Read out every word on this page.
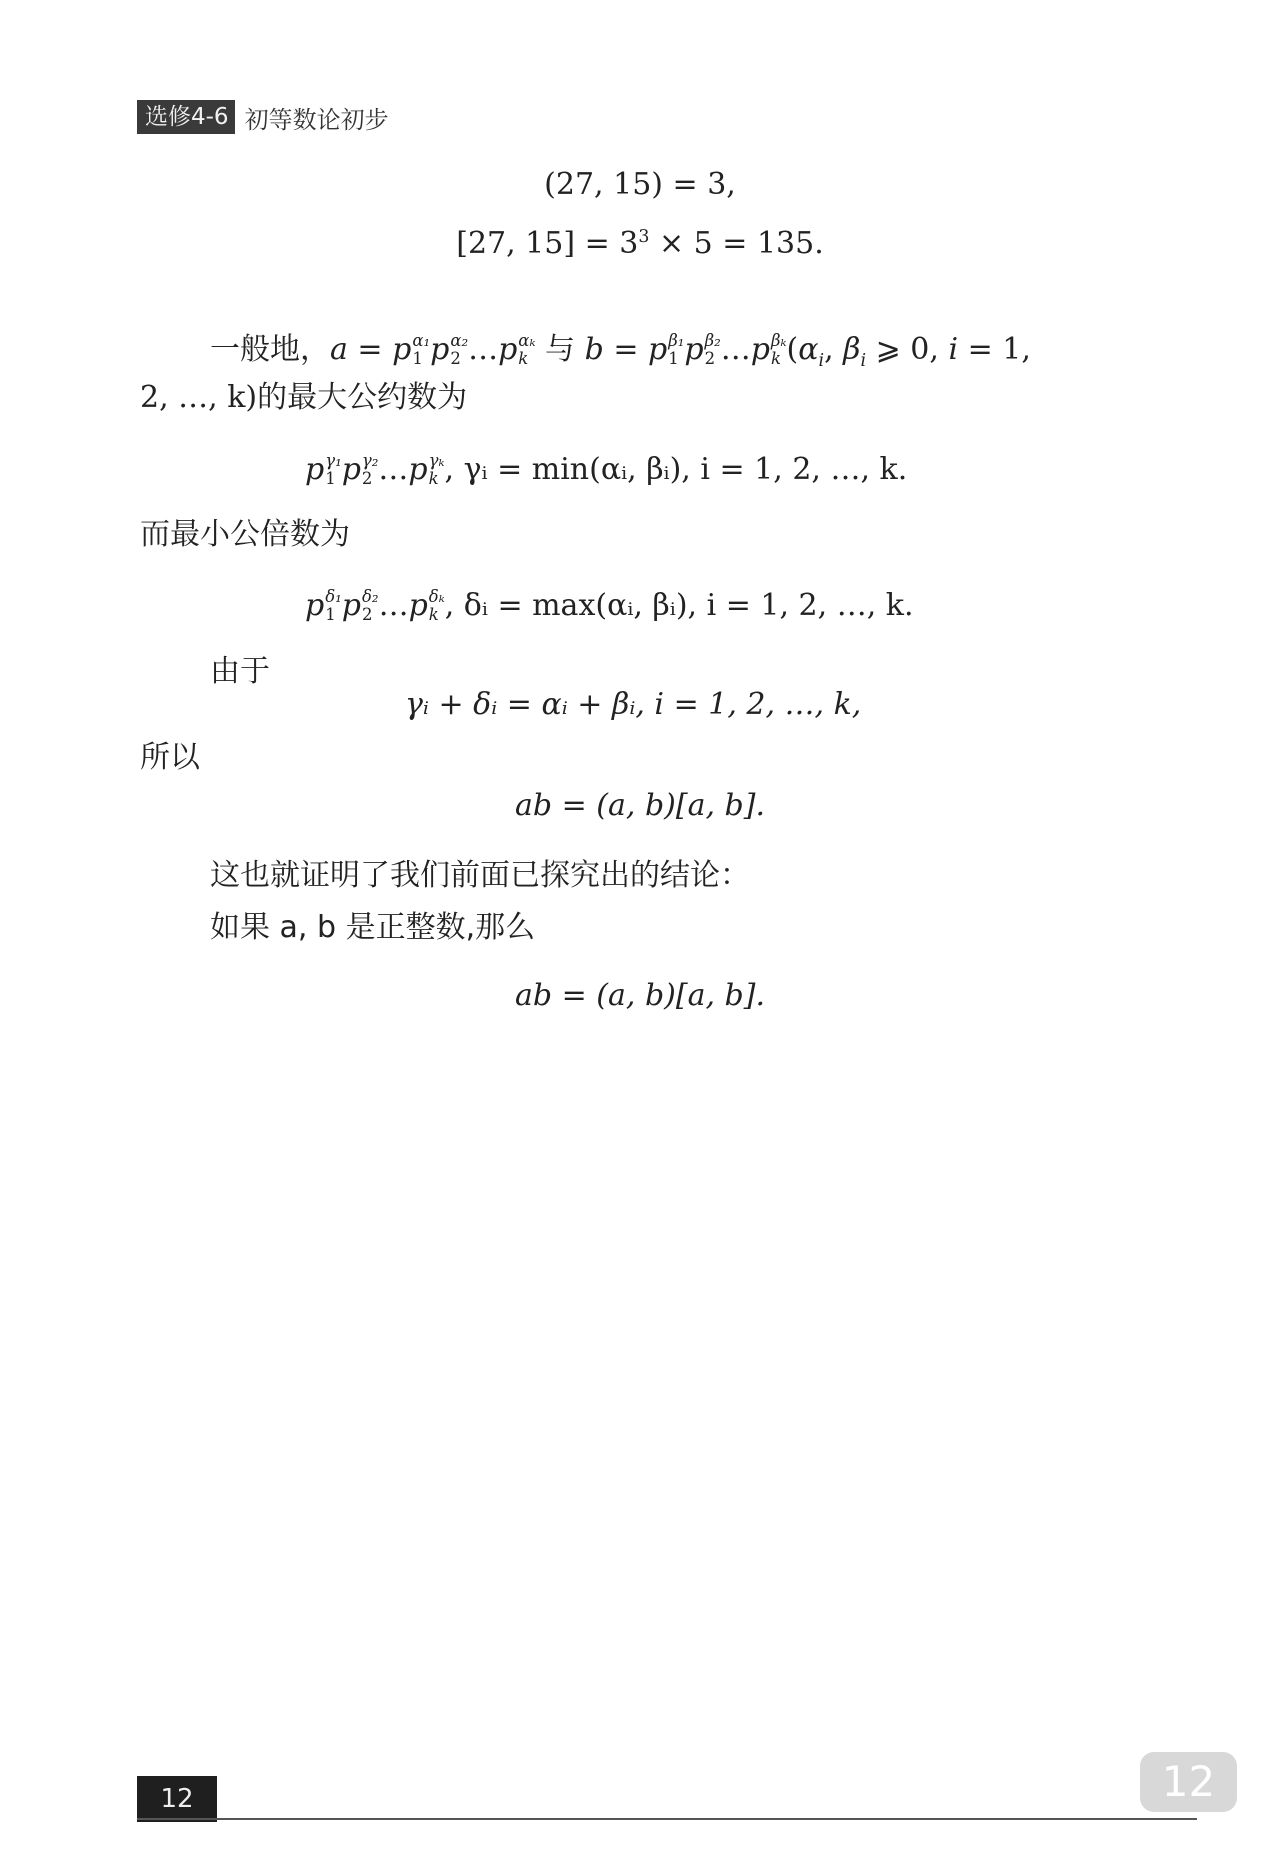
选修4-6 初等数论初步
(27, 15) = 3,
[27, $15] = 3^3 \times 5 = 135$.
一般地，a = p α₁
1 p α₂
2 …p αₖ
k 与 b = p β₁
1 p β₂
2 …p βₖ
k ($\alpha_i$, $\beta_i$ ⩾ 0, i = 1,
2, …, k)的最大公约数为
p γ₁
1 p γ₂
2 …p γₖ
k , γᵢ = min(αᵢ, βᵢ), i = 1, 2, …, k.
而最小公倍数为
p δ₁
1 p δ₂
2 …p δₖ
k , δᵢ = max(αᵢ, βᵢ), i = 1, 2, …, k.
由于
γᵢ + δᵢ = αᵢ + βᵢ, i = 1, 2, …, k,
所以
ab = (a, b)[a, b].
这也就证明了我们前面已探究出的结论：
如果 a, b 是正整数,那么
ab = (a, b)[a, b].
12	12
